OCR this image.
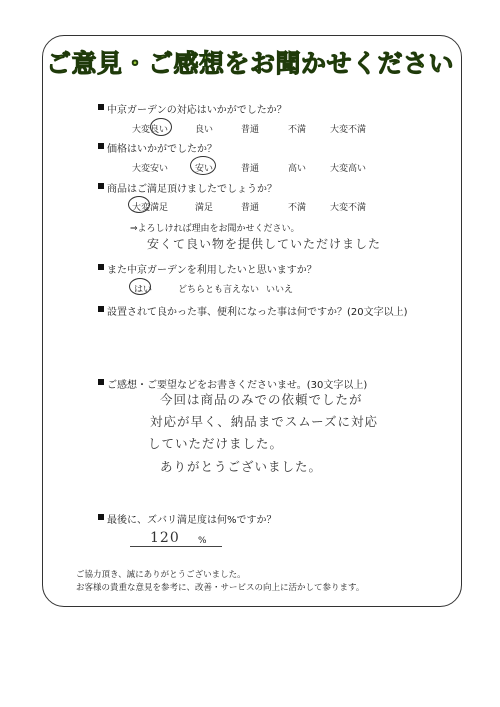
ご意見・ご感想をお聞かせください
中京ガーデンの対応はいかがでしたか？
大変良い	良い	普通	不満	大変不満
価格はいかがでしたか？
大変安い	安い	普通	高い	大変高い
商品はご満足頂けましたでしょうか？
大変満足	満足	普通	不満	大変不満
⇒よろしければ理由をお聞かせください。
安くて良い物を提供していただけました
また中京ガーデンを利用したいと思いますか？
はい	どちらとも言えない いいえ
設置されて良かった事、便利になった事は何ですか？(20文字以上)
ご感想・ご要望などをお書きくださいませ。(30文字以上)
今回は商品のみでの依頼でしたが
対応が早く、納品までスムーズに対応
していただけました。
ありがとうございました。
最後に、ズバリ満足度は何%ですか？
120 %
ご協力頂き、誠にありがとうございました。
お客様の貴重な意見を参考に、改善・サービスの向上に活かして参ります。
